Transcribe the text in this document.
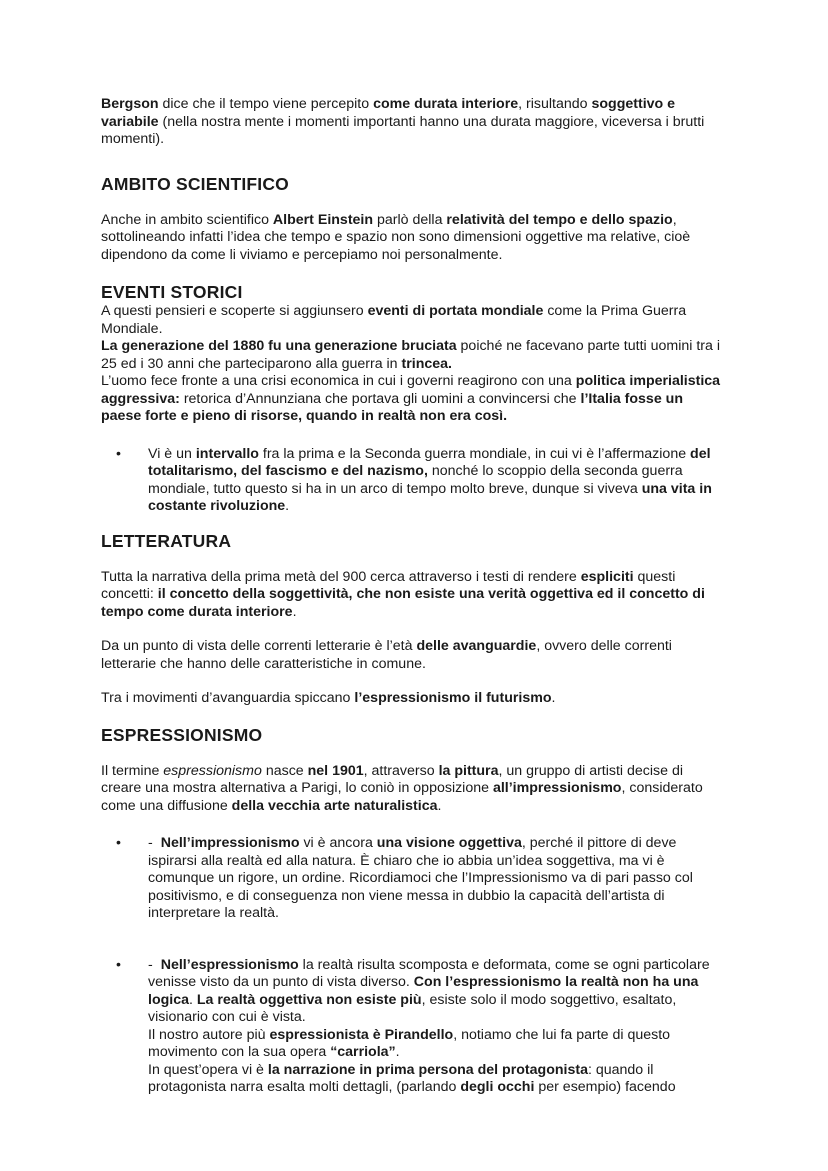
Bergson dice che il tempo viene percepito come durata interiore, risultando soggettivo e variabile (nella nostra mente i momenti importanti hanno una durata maggiore, viceversa i brutti momenti).

AMBITO SCIENTIFICO

Anche in ambito scientifico Albert Einstein parlò della relatività del tempo e dello spazio, sottolineando infatti l’idea che tempo e spazio non sono dimensioni oggettive ma relative, cioè dipendono da come li viviamo e percepiamo noi personalmente.

EVENTI STORICI

A questi pensieri e scoperte si aggiunsero eventi di portata mondiale come la Prima Guerra Mondiale.

La generazione del 1880 fu una generazione bruciata poiché ne facevano parte tutti uomini tra i 25 ed i 30 anni che parteciparono alla guerra in trincea.

L’uomo fece fronte a una crisi economica in cui i governi reagirono con una politica imperialistica aggressiva: retorica d’Annunziana che portava gli uomini a convincersi che l’Italia fosse un paese forte e pieno di risorse, quando in realtà non era così.

• Vi è un intervallo fra la prima e la Seconda guerra mondiale, in cui vi è l’affermazione del totalitarismo, del fascismo e del nazismo, nonché lo scoppio della seconda guerra mondiale, tutto questo si ha in un arco di tempo molto breve, dunque si viveva una vita in costante rivoluzione.
LETTERATURA

Tutta la narrativa della prima metà del 900 cerca attraverso i testi di rendere espliciti questi concetti: il concetto della soggettività, che non esiste una verità oggettiva ed il concetto di tempo come durata interiore.

Da un punto di vista delle correnti letterarie è l’età delle avanguardie, ovvero delle correnti letterarie che hanno delle caratteristiche in comune.

Tra i movimenti d’avanguardia spiccano l’espressionismo il futurismo.

ESPRESSIONISMO

Il termine espressionismo nasce nel 1901, attraverso la pittura, un gruppo di artisti decise di creare una mostra alternativa a Parigi, lo coniò in opposizione all’impressionismo, considerato come una diffusione della vecchia arte naturalistica.

• - Nell’impressionismo vi è ancora una visione oggettiva, perché il pittore di deve ispirarsi alla realtà ed alla natura. È chiaro che io abbia un’idea soggettiva, ma vi è comunque un rigore, un ordine. Ricordiamoci che l’Impressionismo va di pari passo col positivismo, e di conseguenza non viene messa in dubbio la capacità dell’artista di interpretare la realtà.
• - Nell’espressionismo la realtà risulta scomposta e deformata, come se ogni particolare venisse visto da un punto di vista diverso. Con l’espressionismo la realtà non ha una logica. La realtà oggettiva non esiste più, esiste solo il modo soggettivo, esaltato, visionario con cui è vista.
Il nostro autore più espressionista è Pirandello, notiamo che lui fa parte di questo movimento con la sua opera “carriola”.
In quest’opera vi è la narrazione in prima persona del protagonista: quando il protagonista narra esalta molti dettagli, (parlando degli occhi per esempio) facendo
